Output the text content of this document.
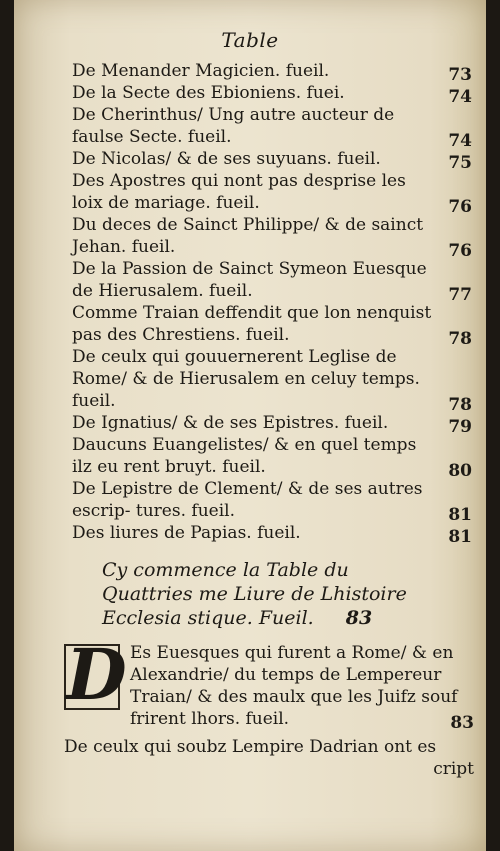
Table
De Menander Magicien. fueil.	73
De la Secte des Ebioniens. fuei.	74
De Cherinthus/ Ung autre aucteur de faulse Secte. fueil.	74
De Nicolas/ & de ses suyuans. fueil.	75
Des Apostres qui nont pas desprise les loix de mariage. fueil.	76
Du deces de Sainct Philippe/ & de sainct Jehan. fueil.	76
De la Passion de Sainct Symeon Euesque de Hierusalem. fueil.	77
Comme Traian deffendit que lon nenquist pas des Chrestiens. fueil.	78
De ceulx qui gouuernerent Leglise de Rome/ & de Hierusalem en celuy temps. fueil.	78
De Ignatius/ & de ses Epistres. fueil.	79
Daucuns Euangelistes/ & en quel temps ilz eu rent bruyt. fueil.	80
De Lepistre de Clement/ & de ses autres escrip- tures. fueil.	81
Des liures de Papias. fueil.	81
Cy commence la Table du Quattries me Liure de Lhistoire Ecclesia stique. Fueil. 83
D Es Euesques qui furent a Rome/ & en Alexandrie/ du temps de Lempereur Traian/ & des maulx que les Juifz souf frirent lhors. fueil.	83
De ceulx qui soubz Lempire Dadrian ont es
cript
